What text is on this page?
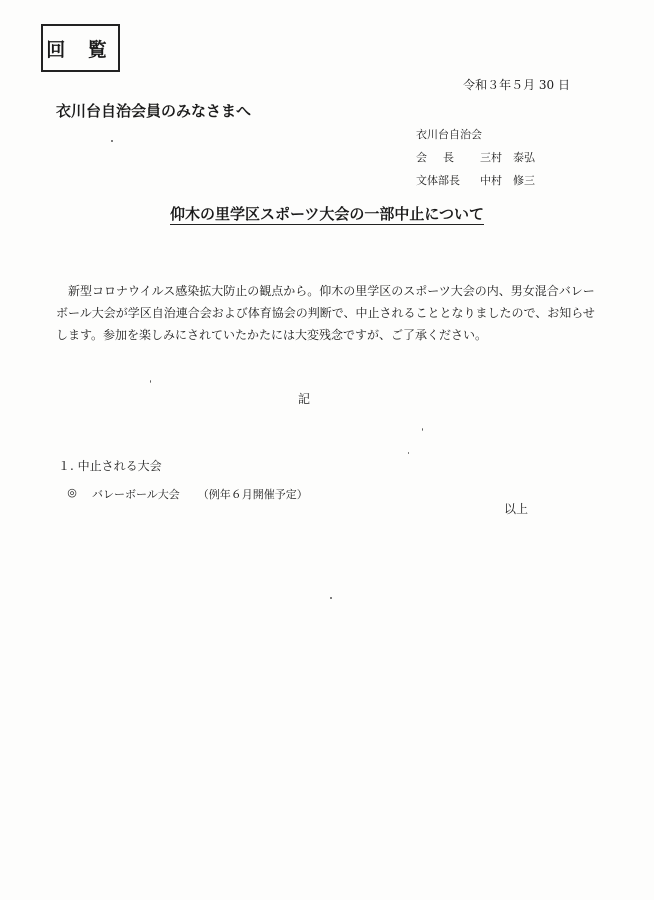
回 覧
令和３年５月 30 日
衣川台自治会員のみなさまへ
衣川台自治会
会長 三村　泰弘
文体部長	中村　修三
仰木の里学区スポーツ大会の一部中止について
新型コロナウイルス感染拡大防止の観点から。仰木の里学区のスポーツ大会の内、男女混合バレーボール大会が学区自治連合会および体育協会の判断で、中止されることとなりましたので、お知らせします。参加を楽しみにされていたかたには大変残念ですが、ご了承ください。
記
１. 中止される大会
◎ バレーボール大会 （例年６月開催予定）
以上
